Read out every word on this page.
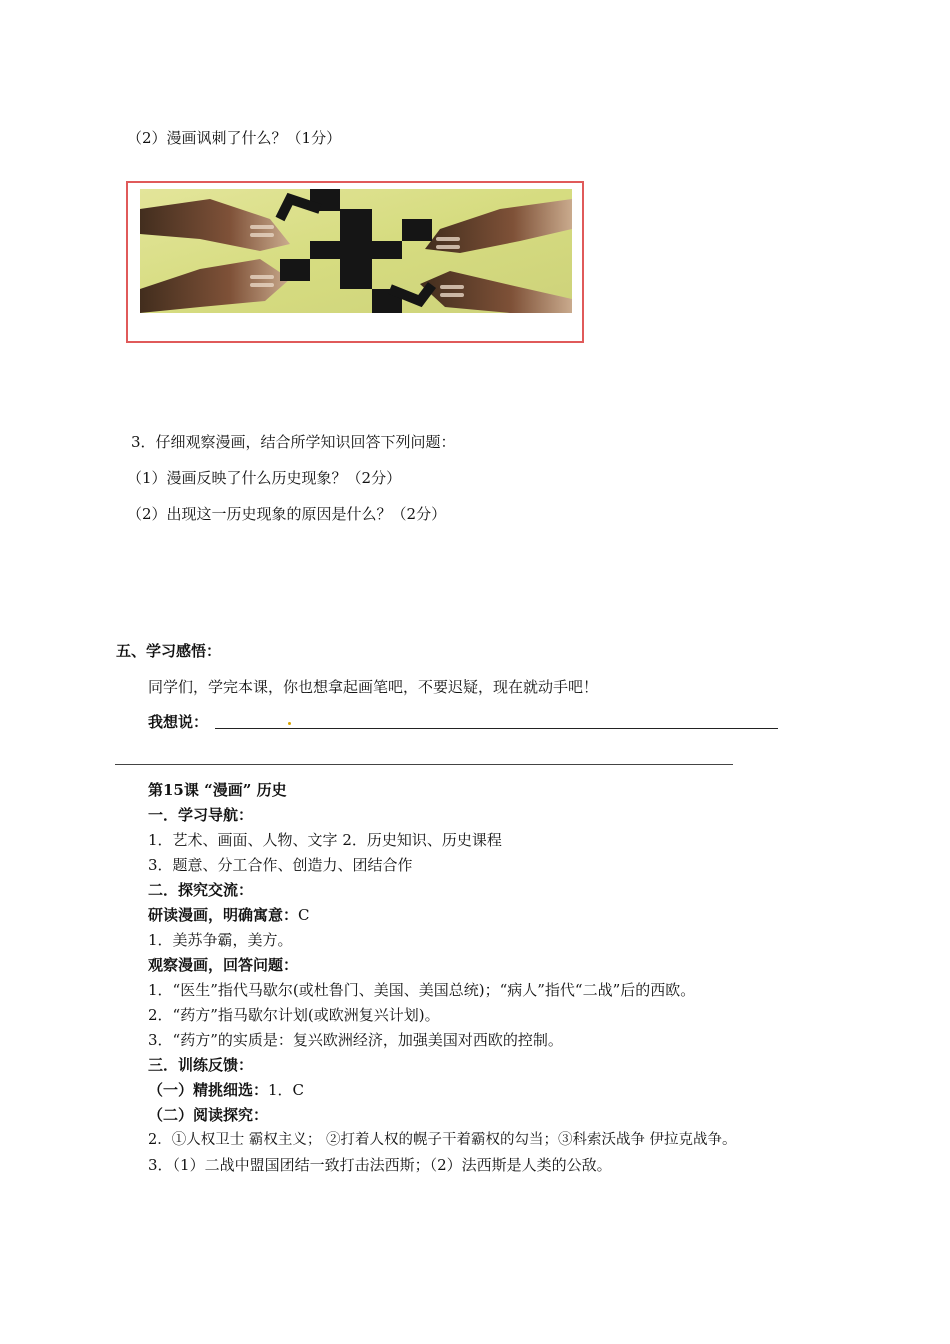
（2）漫画讽刺了什么？（1分）
3．仔细观察漫画，结合所学知识回答下列问题：
（1）漫画反映了什么历史现象？（2分）
（2）出现这一历史现象的原因是什么？（2分）
五、学习感悟：
同学们，学完本课，你也想拿起画笔吧，不要迟疑，现在就动手吧！
我想说：
第15课 “漫画” 历史
一．学习导航：
1．艺术、画面、人物、文字 2．历史知识、历史课程
3．题意、分工合作、创造力、团结合作
二．探究交流：
研读漫画，明确寓意：C
1．美苏争霸，美方。
观察漫画，回答问题：
1．“医生”指代马歇尔(或杜鲁门、美国、美国总统)；“病人”指代“二战”后的西欧。
2．“药方”指马歇尔计划(或欧洲复兴计划)。
3．“药方”的实质是：复兴欧洲经济，加强美国对西欧的控制。
三．训练反馈：
（一）精挑细选：1．C
（二）阅读探究：
2．①人权卫士 霸权主义； ②打着人权的幌子干着霸权的勾当；③科索沃战争 伊拉克战争。
3．（1）二战中盟国团结一致打击法西斯；（2）法西斯是人类的公敌。
